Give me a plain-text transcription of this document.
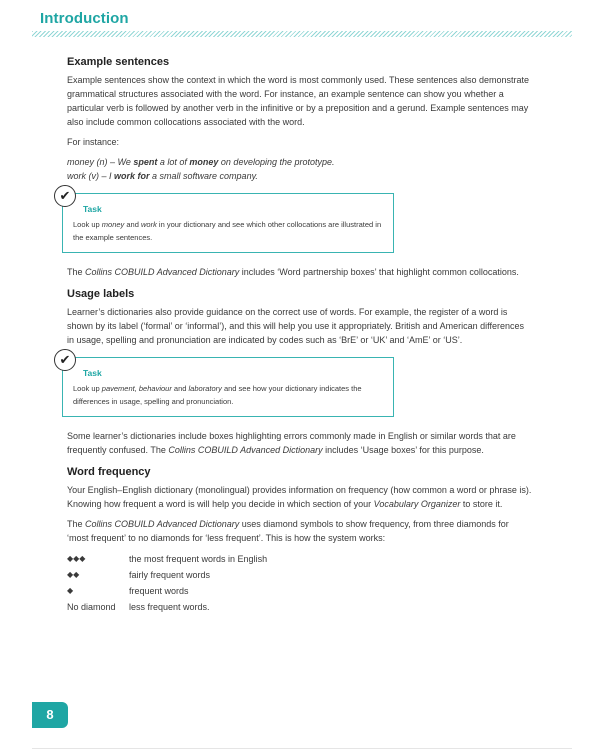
Introduction
Example sentences

Example sentences show the context in which the word is most commonly used. These sentences also demonstrate grammatical structures associated with the word. For instance, an example sentence can show you whether a particular verb is followed by another verb in the infinitive or by a preposition and a gerund. Example sentences may also include common collocations associated with the word.

For instance:

money (n) – We spent a lot of money on developing the prototype.

work (v) – I work for a small software company.

✔
Task
Look up money and work in your dictionary and see which other collocations are illustrated in the example sentences.

The Collins COBUILD Advanced Dictionary includes ‘Word partnership boxes’ that highlight common collocations.

Usage labels

Learner’s dictionaries also provide guidance on the correct use of words. For example, the register of a word is shown by its label (‘formal’ or ‘informal’), and this will help you use it appropriately. British and American differences in usage, spelling and pronunciation are indicated by codes such as ‘BrE’ or ‘UK’ and ‘AmE’ or ‘US’.

✔
Task
Look up pavement, behaviour and laboratory and see how your dictionary indicates the differences in usage, spelling and pronunciation.

Some learner’s dictionaries include boxes highlighting errors commonly made in English or similar words that are frequently confused. The Collins COBUILD Advanced Dictionary includes ‘Usage boxes’ for this purpose.

Word frequency

Your English–English dictionary (monolingual) provides information on frequency (how common a word or phrase is). Knowing how frequent a word is will help you decide in which section of your Vocabulary Organizer to store it.

The Collins COBUILD Advanced Dictionary uses diamond symbols to show frequency, from three diamonds for ‘most frequent’ to no diamonds for ‘less frequent’. This is how the system works:

◆◆◆	the most frequent words in English
◆◆	fairly frequent words
◆	frequent words
No diamond	less frequent words.
8
